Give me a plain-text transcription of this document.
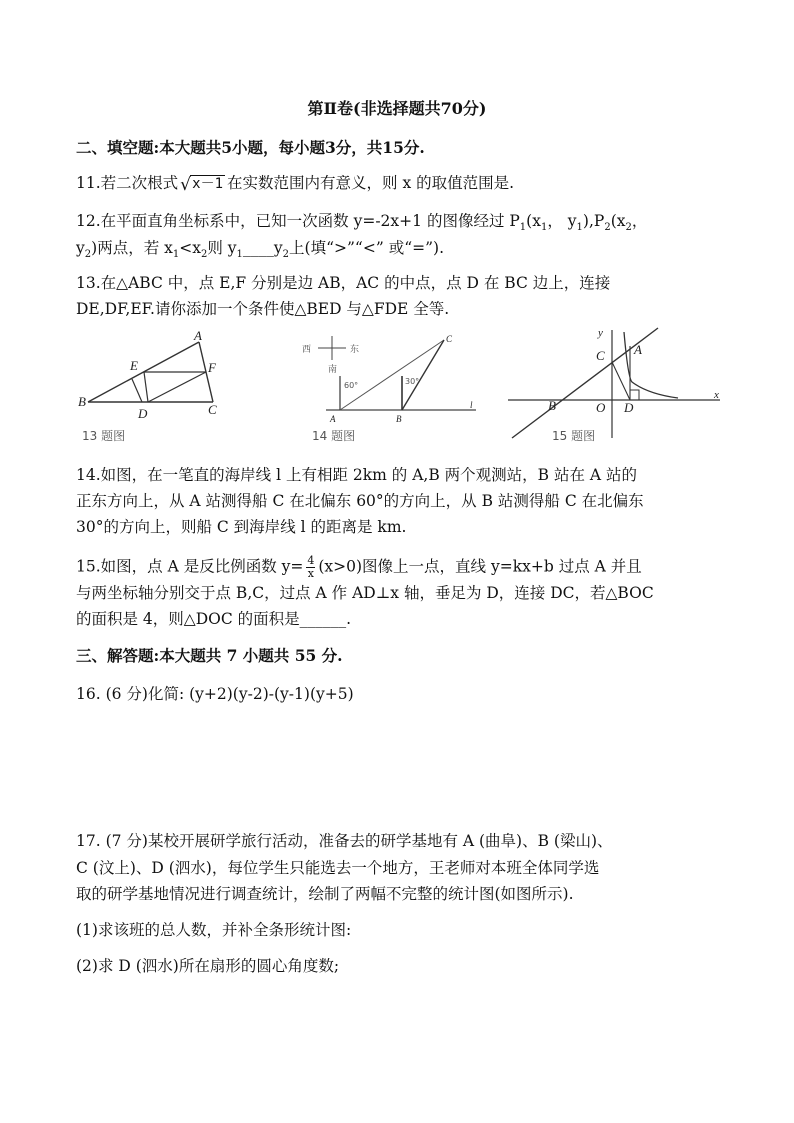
第Ⅱ卷(非选择题共70分)
二、填空题:本大题共5小题，每小题3分，共15分.
11.若二次根式 √ x－1 在实数范围内有意义，则 x 的取值范围是.
12.在平面直角坐标系中，已知一次函数 y=-2x+1 的图像经过 $P_1(x_1$， $y_1),P_2(x_2$，
$y_2$)两点，若 $x_1<x_2$则 $y_1\_\_\_\_y_2$上(填“>”“<” 或“=”).
13.在△ABC 中，点 E,F 分别是边 AB，AC 的中点，点 D 在 BC 边上，连接
DE,DF,EF.请你添加一个条件使△BED 与△FDE 全等.
A
B
C
D
E	F
13 题图
西	东
南
60°	30°
A	B
C
l
14 题图
x
y
A
B
C
O D
15 题图
14.如图，在一笔直的海岸线 l 上有相距 2km 的 A,B 两个观测站，B 站在 A 站的
正东方向上，从 A 站测得船 C 在北偏东 60°的方向上，从 B 站测得船 C 在北偏东
30°的方向上，则船 C 到海岸线 l 的距离是 km.
15.如图，点 A 是反比例函数 $y= \frac{4}{x} (x>0)$图像上一点，直线 y=kx+b 过点 A 并且
与两坐标轴分别交于点 B,C，过点 A 作 AD⊥x 轴，垂足为 D，连接 DC，若△BOC
的面积是 4，则△DOC 的面积是______.
三、解答题:本大题共 7 小题共 55 分.
16. (6 分)化简: (y+2)(y-2)-(y-1)(y+5)
17. (7 分)某校开展研学旅行活动，准备去的研学基地有 A (曲阜)、B (梁山)、
C (汶上)、D (泗水)，每位学生只能选去一个地方，王老师对本班全体同学选
取的研学基地情况进行调查统计，绘制了两幅不完整的统计图(如图所示).
(1)求该班的总人数，并补全条形统计图:
(2)求 D (泗水)所在扇形的圆心角度数;
